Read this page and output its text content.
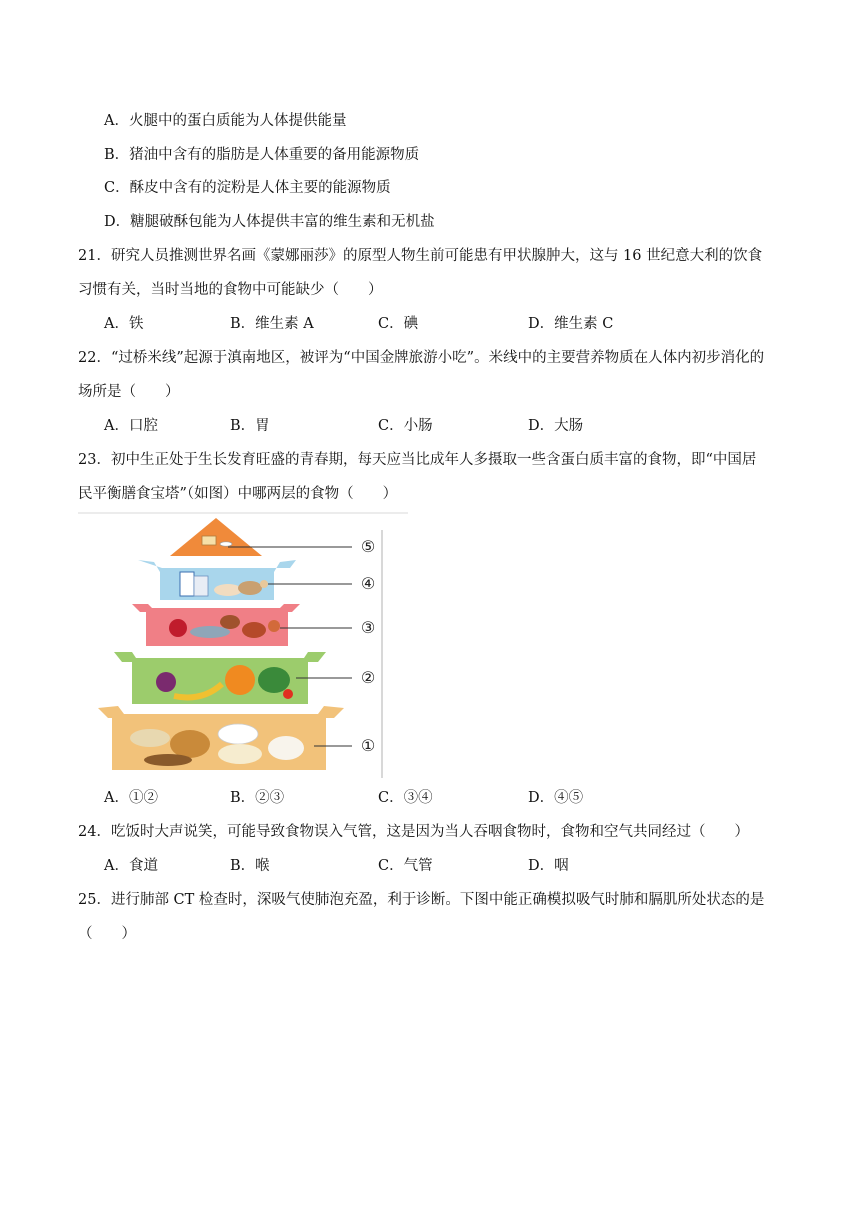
A．火腿中的蛋白质能为人体提供能量
B．猪油中含有的脂肪是人体重要的备用能源物质
C．酥皮中含有的淀粉是人体主要的能源物质
D．糖腿破酥包能为人体提供丰富的维生素和无机盐
21．研究人员推测世界名画《蒙娜丽莎》的原型人物生前可能患有甲状腺肿大，这与 16 世纪意大利的饮食
习惯有关，当时当地的食物中可能缺少（　　）
A．铁	B．维生素 A	C．碘	D．维生素 C
22．“过桥米线”起源于滇南地区，被评为“中国金牌旅游小吃”。米线中的主要营养物质在人体内初步消化的
场所是（　　）
A．口腔	B．胃	C．小肠	D．大肠
23．初中生正处于生长发育旺盛的青春期，每天应当比成年人多摄取一些含蛋白质丰富的食物，即“中国居
民平衡膳食宝塔”（如图）中哪两层的食物（　　）
⑤
④
③
②
①
A．①②	B．②③	C．③④	D．④⑤
24．吃饭时大声说笑，可能导致食物误入气管，这是因为当人吞咽食物时，食物和空气共同经过（　　）
A．食道	B．喉	C．气管	D．咽
25．进行肺部 CT 检查时，深吸气使肺泡充盈，利于诊断。下图中能正确模拟吸气时肺和膈肌所处状态的是
（　　）
